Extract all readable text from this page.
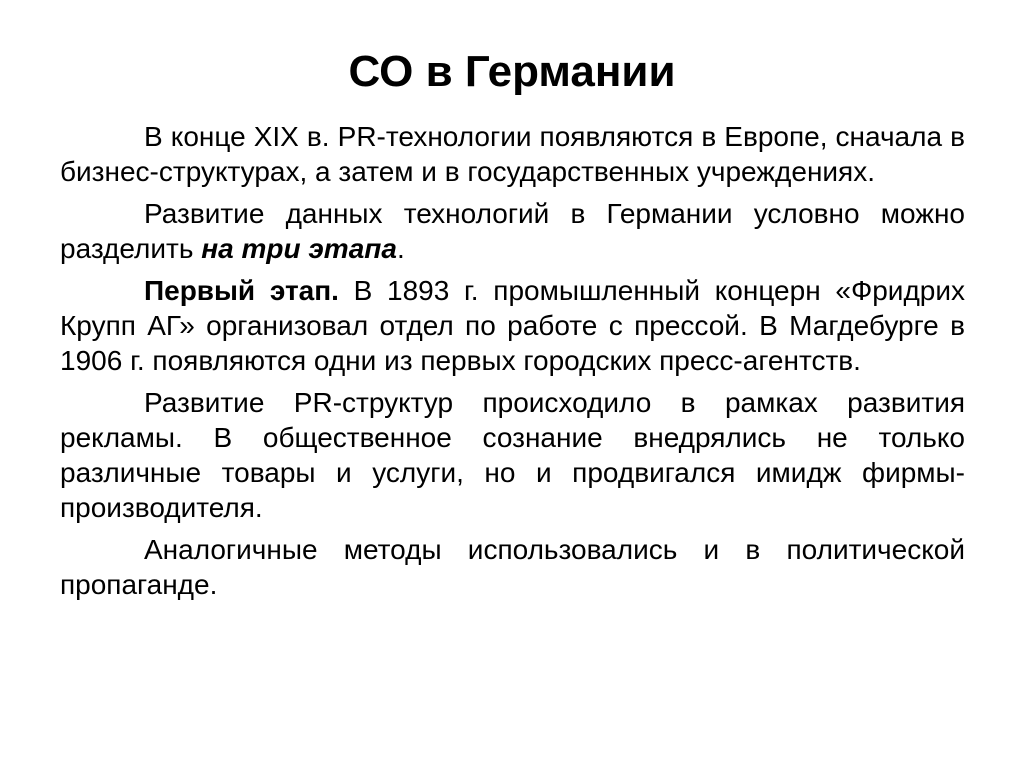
СО в Германии

В конце XIX в. PR-технологии появляются в Европе, сначала в бизнес-структурах, а затем и в государственных учреждениях.

Развитие данных технологий в Германии условно можно разделить на три этапа.

Первый этап. В 1893 г. промышленный концерн «Фридрих Крупп АГ» организовал отдел по работе с прессой. В Магдебурге в 1906 г. появляются одни из первых городских пресс-агентств.

Развитие PR-структур происходило в рамках развития рекламы. В общественное сознание внедрялись не только различные товары и услуги, но и продвигался имидж фирмы-производителя.

Аналогичные методы использовались и в политической пропаганде.
